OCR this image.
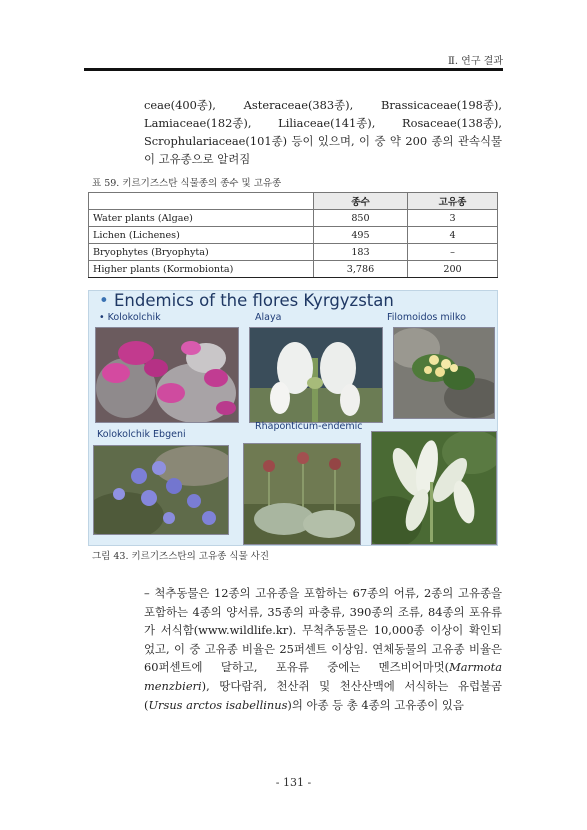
Ⅱ. 연구 결과

ceae(400종), Asteraceae(383종), Brassicaceae(198종), Lamiaceae(182종), Liliaceae(141종), Rosaceae(138종), Scrophulariaceae(101종) 등이 있으며, 이 중 약 200 종의 관속식물이 고유종으로 알려짐

표 59. 키르기즈스탄 식물종의 종수 및 고유종
	종수	고유종
Water plants (Algae)	850	3
Lichen (Lichenes)	495	4
Bryophytes (Bryophyta)	183	–
Higher plants (Kormobionta)	3,786	200
• Endemics of the flores Kyrgyzstan
• Kolokolchik	Alaya	Filomoidos milko
Kolokolchik Ebgeni
Rhaponticum-endemic
그림 43. 키르기즈스탄의 고유종 식물 사진

– 척추동물은 12종의 고유종을 포함하는 67종의 어류, 2종의 고유종을 포함하는 4종의 양서류, 35종의 파충류, 390종의 조류, 84종의 포유류가 서식함(www.wildlife.kr). 무척추동물은 10,000종 이상이 확인되었고, 이 중 고유종 비율은 25퍼센트 이상임. 연체동물의 고유종 비율은 60퍼센트에 달하고, 포유류 중에는 멘즈비어마멋(Marmota menzbieri), 땅다람쥐, 천산쥐 및 천산산맥에 서식하는 유럽불곰(Ursus arctos isabellinus)의 아종 등 총 4종의 고유종이 있음

- 131 -
